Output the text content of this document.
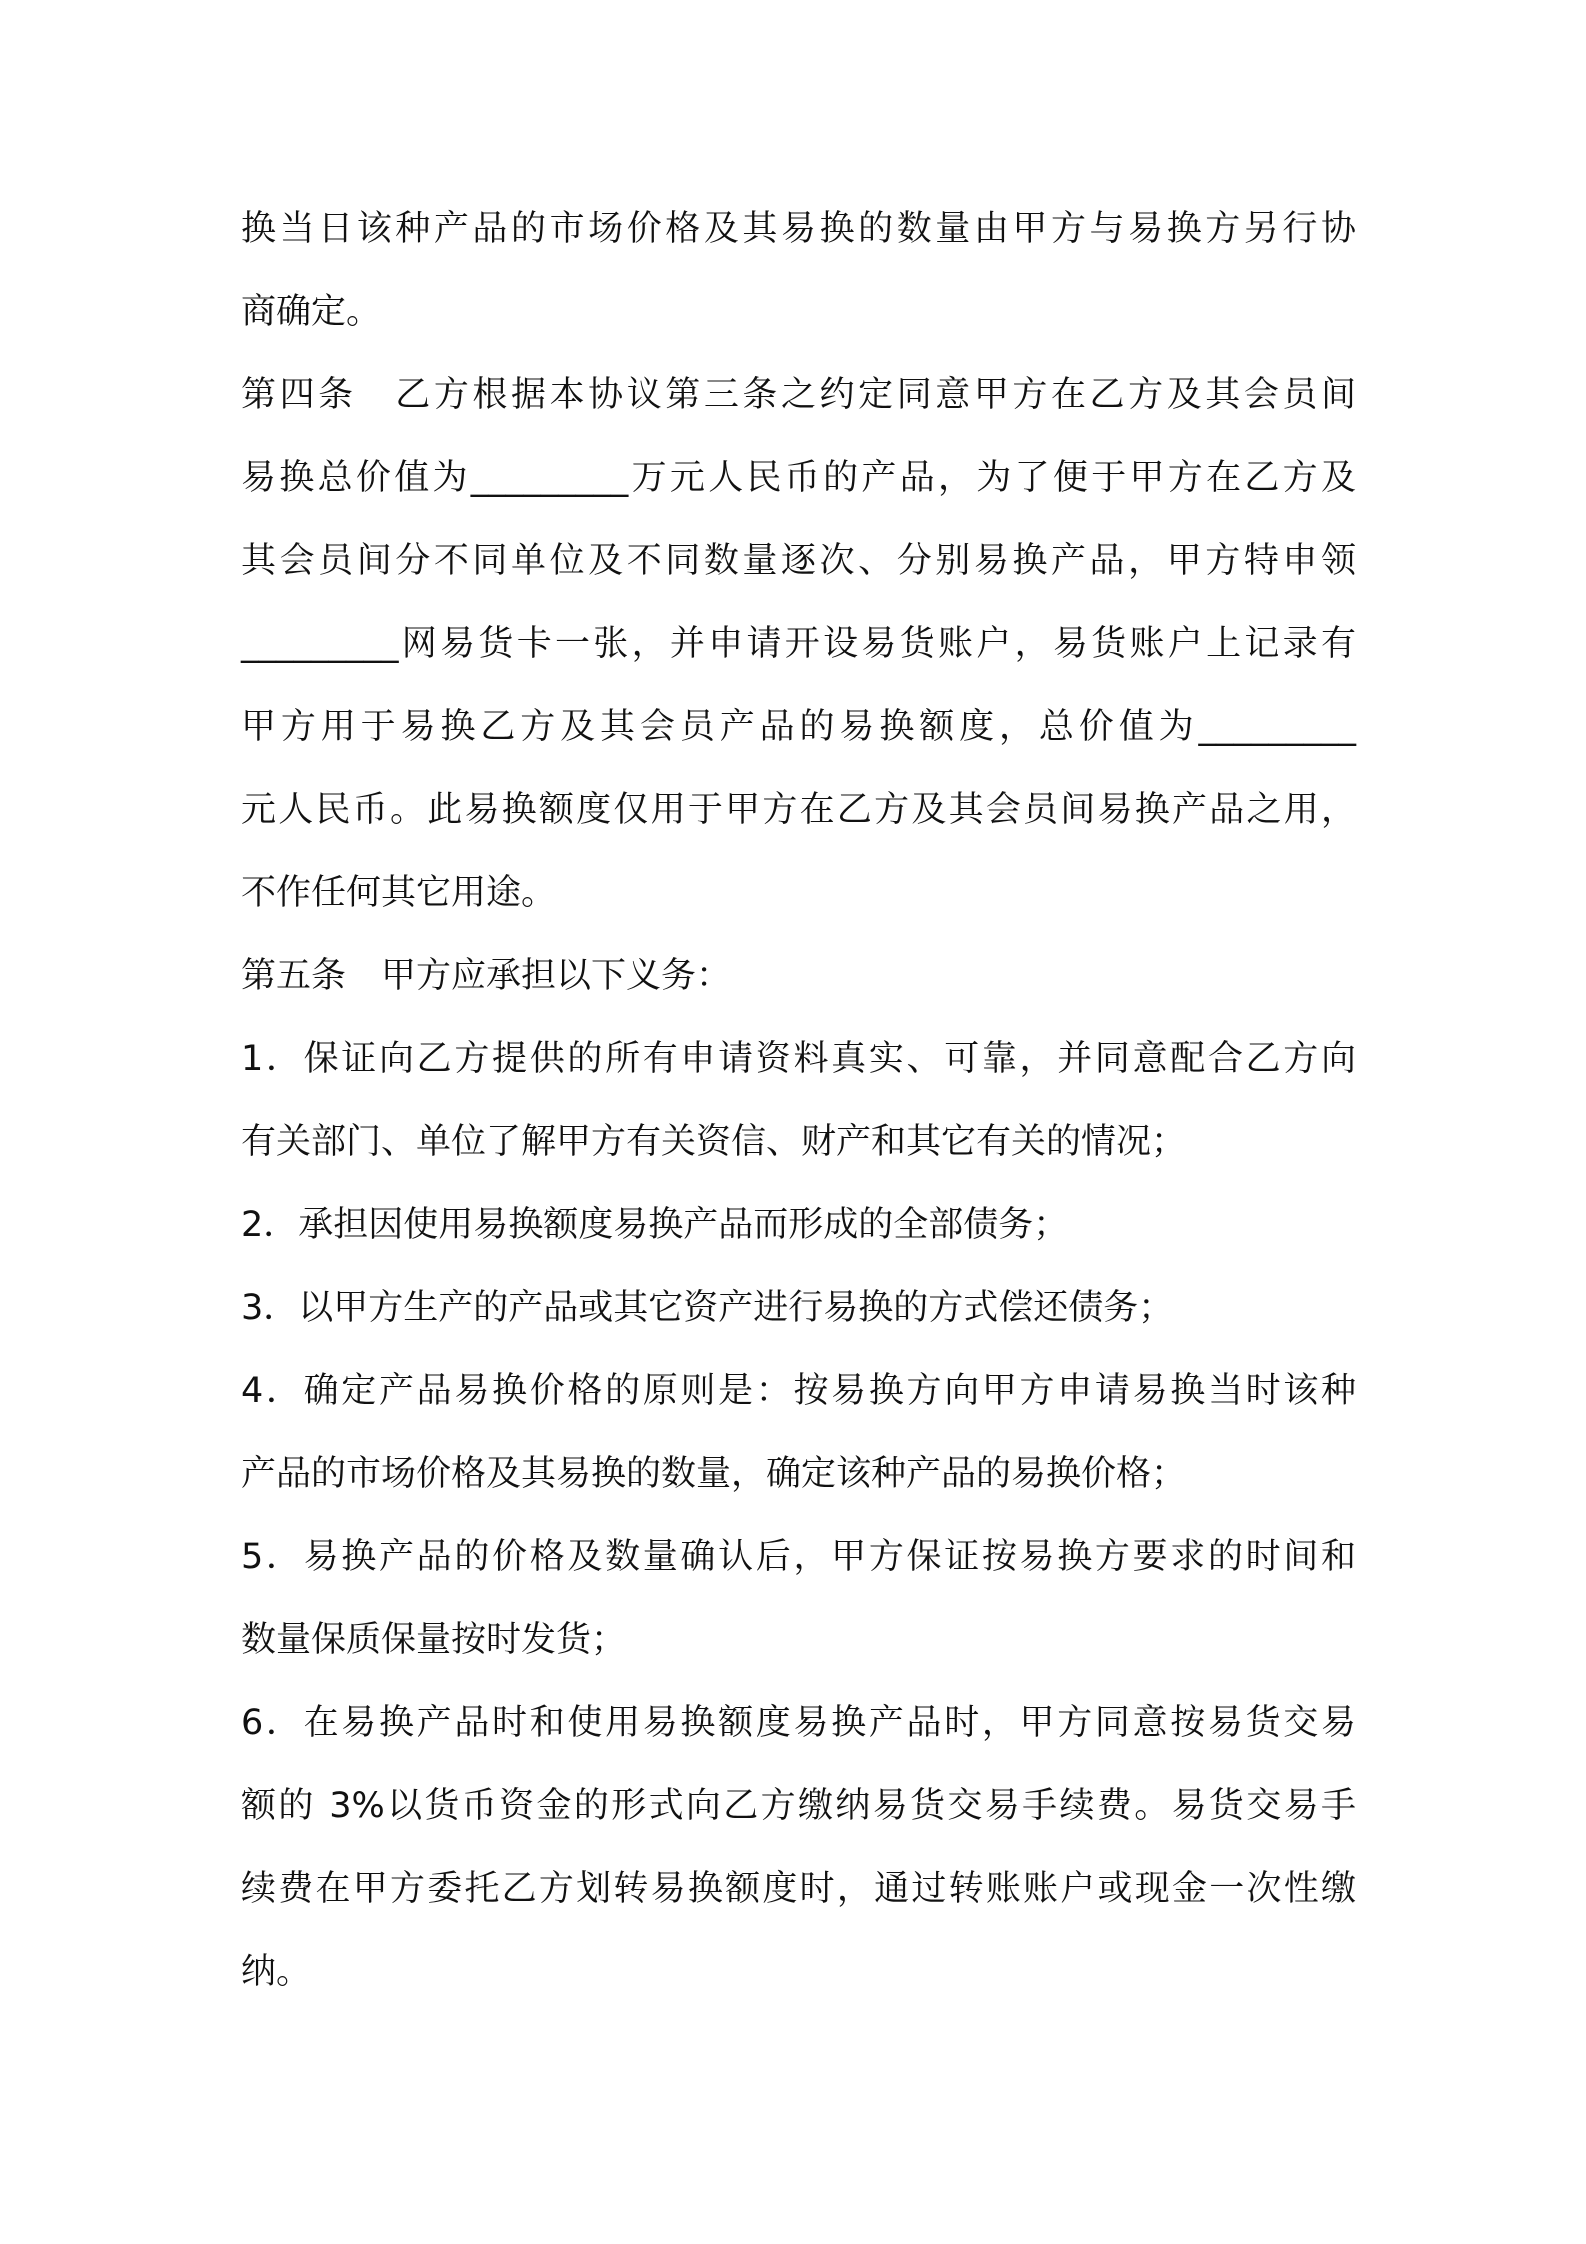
换当日该种产品的市场价格及其易换的数量由甲方与易换方另行协
商确定。
第四条　乙方根据本协议第三条之约定同意甲方在乙方及其会员间
易换总价值为_________万元人民币的产品，为了便于甲方在乙方及
其会员间分不同单位及不同数量逐次、分别易换产品，甲方特申领
_________网易货卡一张，并申请开设易货账户，易货账户上记录有
甲方用于易换乙方及其会员产品的易换额度，总价值为_________
元人民币。此易换额度仅用于甲方在乙方及其会员间易换产品之用，
不作任何其它用途。
第五条　甲方应承担以下义务：
1．保证向乙方提供的所有申请资料真实、可靠，并同意配合乙方向
有关部门、单位了解甲方有关资信、财产和其它有关的情况；
2．承担因使用易换额度易换产品而形成的全部债务；
3．以甲方生产的产品或其它资产进行易换的方式偿还债务；
4．确定产品易换价格的原则是：按易换方向甲方申请易换当时该种
产品的市场价格及其易换的数量，确定该种产品的易换价格；
5．易换产品的价格及数量确认后，甲方保证按易换方要求的时间和
数量保质保量按时发货；
6．在易换产品时和使用易换额度易换产品时，甲方同意按易货交易
额的 3%以货币资金的形式向乙方缴纳易货交易手续费。易货交易手
续费在甲方委托乙方划转易换额度时，通过转账账户或现金一次性缴
纳。
